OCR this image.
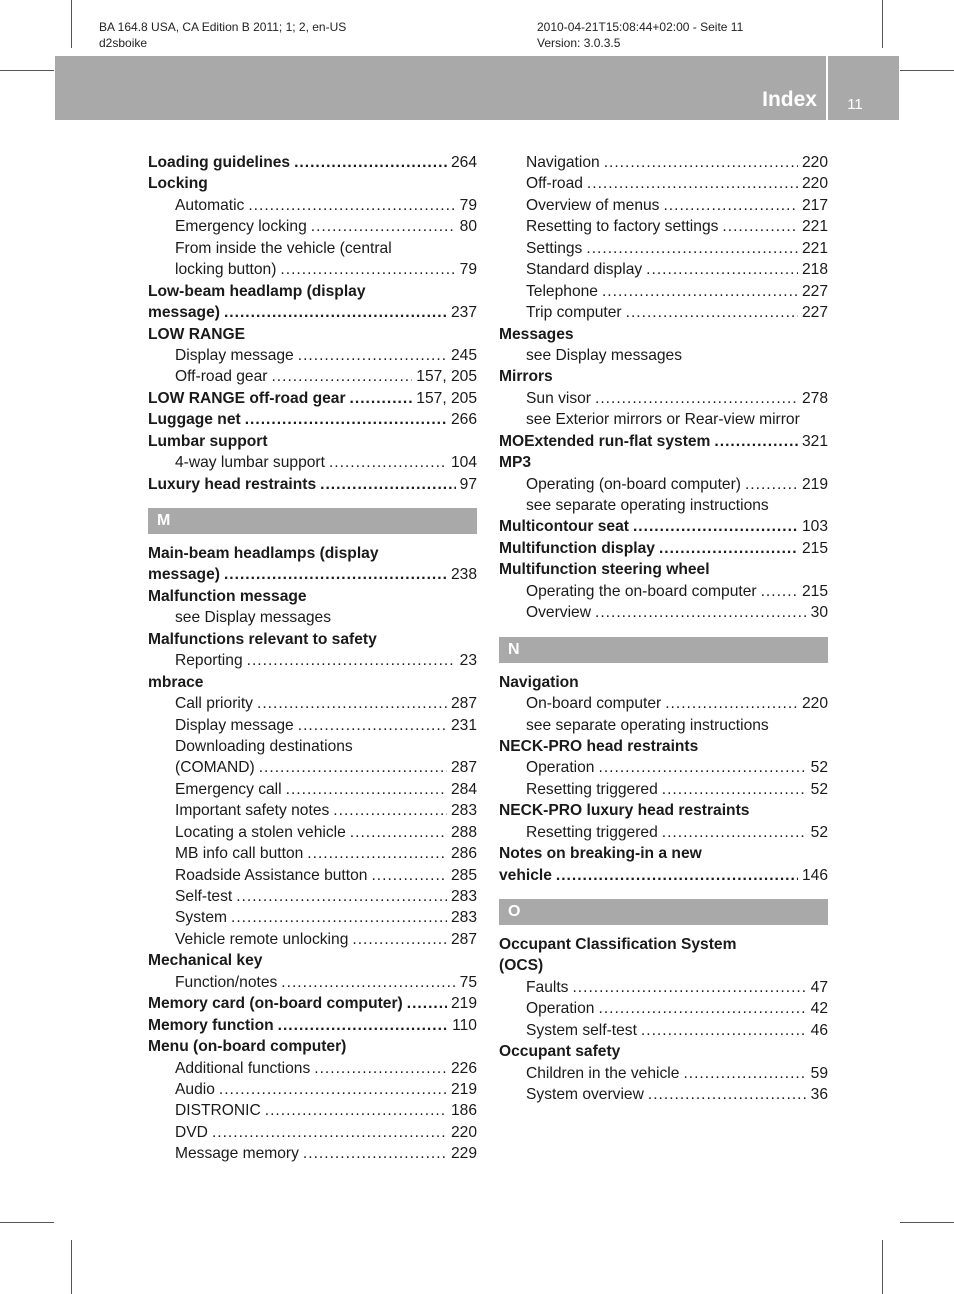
BA 164.8 USA, CA Edition B 2011; 1; 2, en-US
d2sboike
2010-04-21T15:08:44+02:00 - Seite 11
Version: 3.0.3.5
Index	11
Loading guidelines .....	264
Locking
Automatic .....	79
Emergency locking .....	80
From inside the vehicle (central
locking button) .....	79
Low-beam headlamp (display
message) .....	237
LOW RANGE
Display message .....	245
Off-road gear .....	157, 205
LOW RANGE off-road gear .....	157, 205
Luggage net .....	266
Lumbar support
4-way lumbar support .....	104
Luxury head restraints .....	97
M
Main-beam headlamps (display
message) .....	238
Malfunction message
see Display messages
Malfunctions relevant to safety
Reporting .....	23
mbrace
Call priority .....	287
Display message .....	231
Downloading destinations
(COMAND) .....	287
Emergency call .....	284
Important safety notes .....	283
Locating a stolen vehicle .....	288
MB info call button .....	286
Roadside Assistance button .....	285
Self-test .....	283
System .....	283
Vehicle remote unlocking .....	287
Mechanical key
Function/notes .....	75
Memory card (on-board computer) .....	219
Memory function .....	110
Menu (on-board computer)
Additional functions .....	226
Audio .....	219
DISTRONIC .....	186
DVD .....	220
Message memory .....	229
Navigation .....	220
Off-road .....	220
Overview of menus .....	217
Resetting to factory settings .....	221
Settings .....	221
Standard display .....	218
Telephone .....	227
Trip computer .....	227
Messages
see Display messages
Mirrors
Sun visor .....	278
see Exterior mirrors or Rear-view mirror
MOExtended run-flat system .....	321
MP3
Operating (on-board computer) .....	219
see separate operating instructions
Multicontour seat .....	103
Multifunction display .....	215
Multifunction steering wheel
Operating the on-board computer .....	215
Overview .....	30
N
Navigation
On-board computer .....	220
see separate operating instructions
NECK-PRO head restraints
Operation .....	52
Resetting triggered .....	52
NECK-PRO luxury head restraints
Resetting triggered .....	52
Notes on breaking-in a new
vehicle .....	146
O
Occupant Classification System
(OCS)
Faults .....	47
Operation .....	42
System self-test .....	46
Occupant safety
Children in the vehicle .....	59
System overview .....	36
